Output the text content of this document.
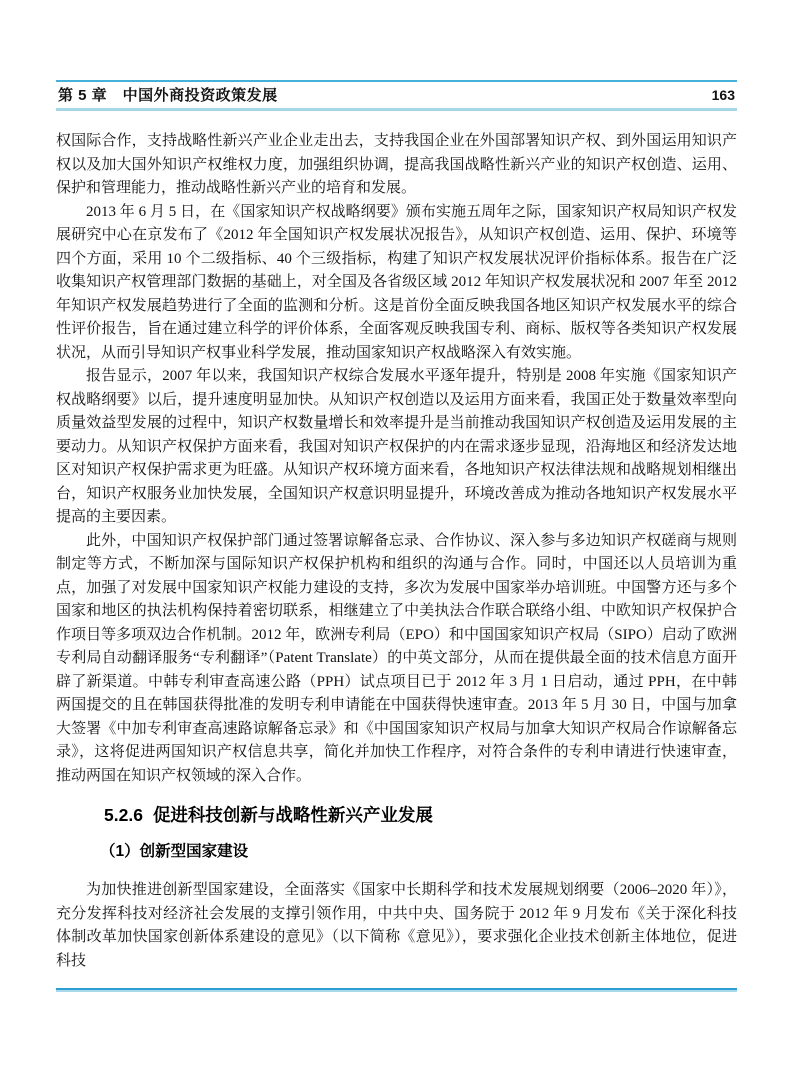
第 5 章　中国外商投资政策发展	163

权国际合作，支持战略性新兴产业企业走出去，支持我国企业在外国部署知识产权、到外国运用知识产权以及加大国外知识产权维权力度，加强组织协调，提高我国战略性新兴产业的知识产权创造、运用、保护和管理能力，推动战略性新兴产业的培育和发展。

2013 年 6 月 5 日，在《国家知识产权战略纲要》颁布实施五周年之际，国家知识产权局知识产权发展研究中心在京发布了《2012 年全国知识产权发展状况报告》，从知识产权创造、运用、保护、环境等四个方面，采用 10 个二级指标、40 个三级指标，构建了知识产权发展状况评价指标体系。报告在广泛收集知识产权管理部门数据的基础上，对全国及各省级区域 2012 年知识产权发展状况和 2007 年至 2012 年知识产权发展趋势进行了全面的监测和分析。这是首份全面反映我国各地区知识产权发展水平的综合性评价报告，旨在通过建立科学的评价体系，全面客观反映我国专利、商标、版权等各类知识产权发展状况，从而引导知识产权事业科学发展，推动国家知识产权战略深入有效实施。

报告显示，2007 年以来，我国知识产权综合发展水平逐年提升，特别是 2008 年实施《国家知识产权战略纲要》以后，提升速度明显加快。从知识产权创造以及运用方面来看，我国正处于数量效率型向质量效益型发展的过程中，知识产权数量增长和效率提升是当前推动我国知识产权创造及运用发展的主要动力。从知识产权保护方面来看，我国对知识产权保护的内在需求逐步显现，沿海地区和经济发达地区对知识产权保护需求更为旺盛。从知识产权环境方面来看，各地知识产权法律法规和战略规划相继出台，知识产权服务业加快发展，全国知识产权意识明显提升，环境改善成为推动各地知识产权发展水平提高的主要因素。

此外，中国知识产权保护部门通过签署谅解备忘录、合作协议、深入参与多边知识产权磋商与规则制定等方式，不断加深与国际知识产权保护机构和组织的沟通与合作。同时，中国还以人员培训为重点，加强了对发展中国家知识产权能力建设的支持，多次为发展中国家举办培训班。中国警方还与多个国家和地区的执法机构保持着密切联系，相继建立了中美执法合作联合联络小组、中欧知识产权保护合作项目等多项双边合作机制。2012 年，欧洲专利局（EPO）和中国国家知识产权局（SIPO）启动了欧洲专利局自动翻译服务“专利翻译”（Patent Translate）的中英文部分，从而在提供最全面的技术信息方面开辟了新渠道。中韩专利审查高速公路（PPH）试点项目已于 2012 年 3 月 1 日启动，通过 PPH，在中韩两国提交的且在韩国获得批准的发明专利申请能在中国获得快速审查。2013 年 5 月 30 日，中国与加拿大签署《中加专利审查高速路谅解备忘录》和《中国国家知识产权局与加拿大知识产权局合作谅解备忘录》，这将促进两国知识产权信息共享，简化并加快工作程序，对符合条件的专利申请进行快速审查，推动两国在知识产权领域的深入合作。

5.2.6 促进科技创新与战略性新兴产业发展
（1）创新型国家建设

为加快推进创新型国家建设，全面落实《国家中长期科学和技术发展规划纲要（2006–2020 年）》，充分发挥科技对经济社会发展的支撑引领作用，中共中央、国务院于 2012 年 9 月发布《关于深化科技体制改革加快国家创新体系建设的意见》（以下简称《意见》），要求强化企业技术创新主体地位，促进科技
